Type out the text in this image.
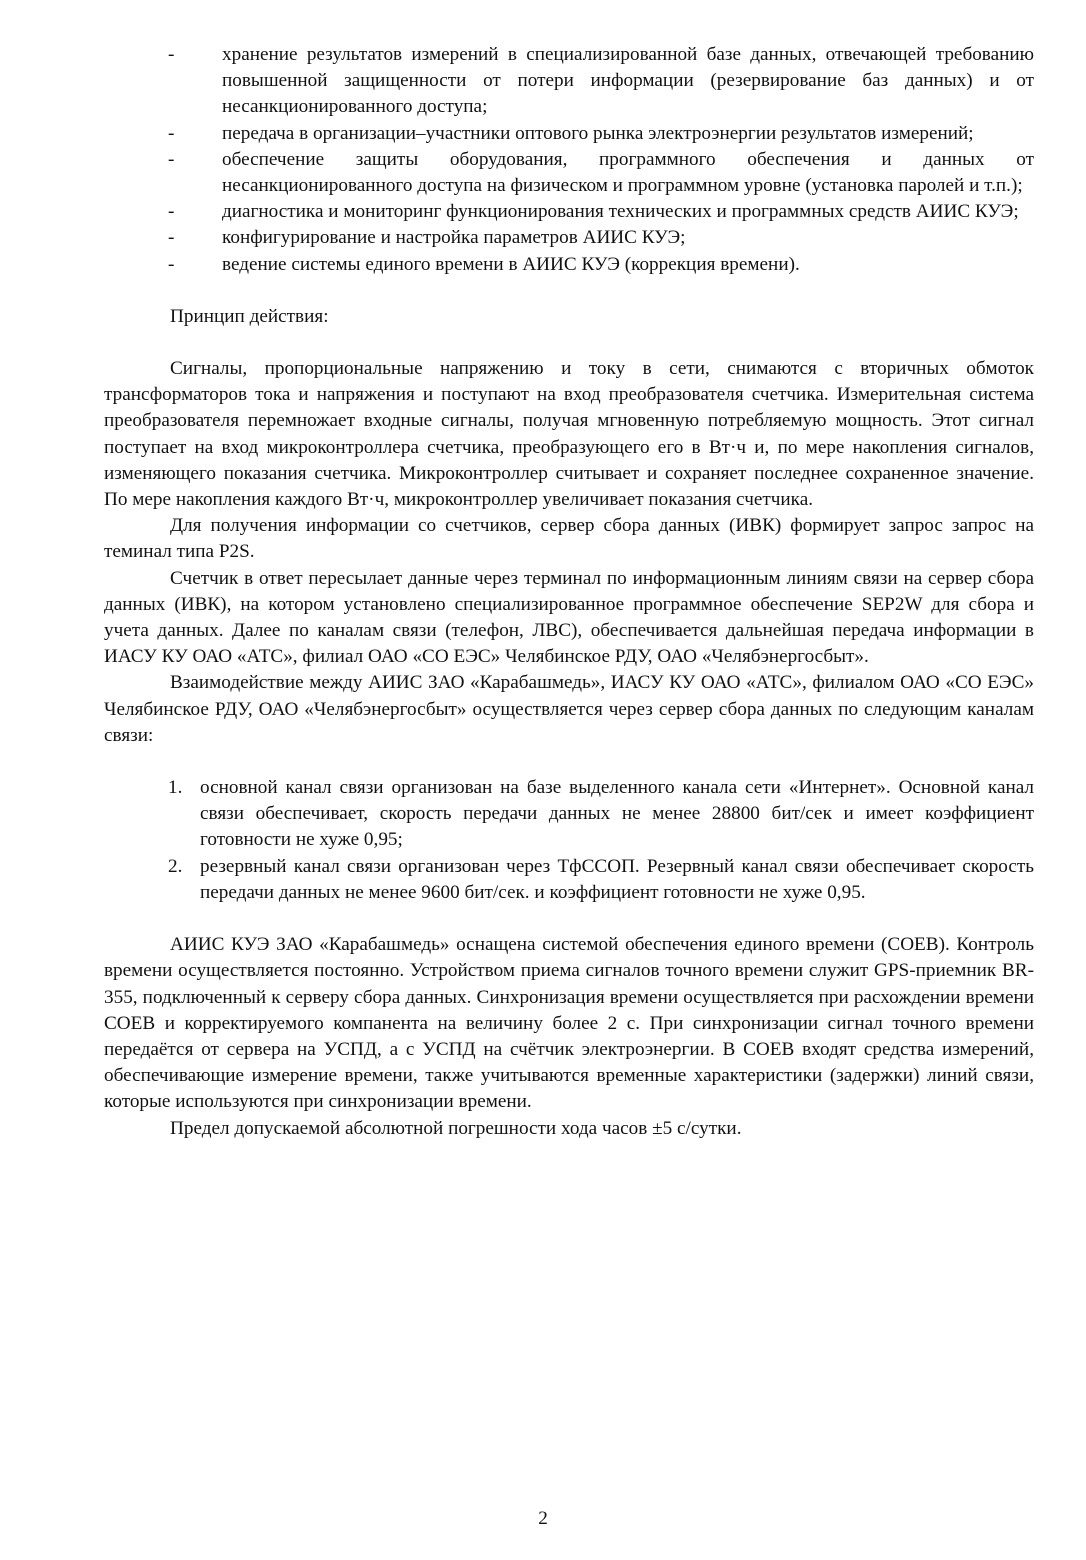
- хранение результатов измерений в специализированной базе данных, отвечающей требованию повышенной защищенности от потери информации (резервирование баз данных) и от несанкционированного доступа;
- передача в организации–участники оптового рынка электроэнергии результатов измерений;
- обеспечение защиты оборудования, программного обеспечения и данных от несанкционированного доступа на физическом и программном уровне (установка паролей и т.п.);
- диагностика и мониторинг функционирования технических и программных средств АИИС КУЭ;
- конфигурирование и настройка параметров АИИС КУЭ;
- ведение системы единого времени в АИИС КУЭ (коррекция времени).
Принцип действия:

Сигналы, пропорциональные напряжению и току в сети, снимаются с вторичных обмоток трансформаторов тока и напряжения и поступают на вход преобразователя счетчика. Измерительная система преобразователя перемножает входные сигналы, получая мгновенную потребляемую мощность. Этот сигнал поступает на вход микроконтроллера счетчика, преобразующего его в Вт·ч и, по мере накопления сигналов, изменяющего показания счетчика. Микроконтроллер считывает и сохраняет последнее сохраненное значение. По мере накопления каждого Вт·ч, микроконтроллер увеличивает показания счетчика.

Для получения информации со счетчиков, сервер сбора данных (ИВК) формирует запрос запрос на теминал типа P2S.

Счетчик в ответ пересылает данные через терминал по информационным линиям связи на сервер сбора данных (ИВК), на котором установлено специализированное программное обеспечение SEP2W для сбора и учета данных. Далее по каналам связи (телефон, ЛВС), обеспечивается дальнейшая передача информации в ИАСУ КУ ОАО «АТС», филиал ОАО «СО ЕЭС» Челябинское РДУ, ОАО «Челябэнергосбыт».

Взаимодействие между АИИС ЗАО «Карабашмедь», ИАСУ КУ ОАО «АТС», филиалом ОАО «СО ЕЭС» Челябинское РДУ, ОАО «Челябэнергосбыт» осуществляется через сервер сбора данных по следующим каналам связи:

1. основной канал связи организован на базе выделенного канала сети «Интернет». Основной канал связи обеспечивает, скорость передачи данных не менее 28800 бит/сек и имеет коэффициент готовности не хуже 0,95;
2. резервный канал связи организован через ТфССОП. Резервный канал связи обеспечивает скорость передачи данных не менее 9600 бит/сек. и коэффициент готовности не хуже 0,95.

АИИС КУЭ ЗАО «Карабашмедь» оснащена системой обеспечения единого времени (СОЕВ). Контроль времени осуществляется постоянно. Устройством приема сигналов точного времени служит GPS-приемник BR-355, подключенный к серверу сбора данных. Синхронизация времени осуществляется при расхождении времени СОЕВ и корректируемого компанента на величину более 2 с. При синхронизации сигнал точного времени передаётся от сервера на УСПД, а с УСПД на счётчик электроэнергии. В СОЕВ входят средства измерений, обеспечивающие измерение времени, также учитываются временные характеристики (задержки) линий связи, которые используются при синхронизации времени.

Предел допускаемой абсолютной погрешности хода часов ±5 с/сутки.

2
